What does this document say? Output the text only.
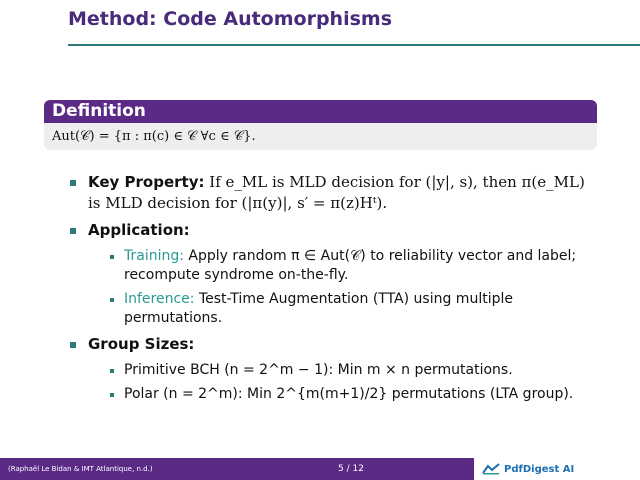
Method: Code Automorphisms
Definition
Aut(𝒞) = {π : π(c) ∈ 𝒞 ∀c ∈ 𝒞}.
Key Property: If e_ML is MLD decision for (|y|, s), then π(e_ML) is MLD decision for (|π(y)|, s′ = π(z)Hᵗ).
Application:
Training: Apply random π ∈ Aut(𝒞) to reliability vector and label; recompute syndrome on-the-fly.
Inference: Test-Time Augmentation (TTA) using multiple permutations.
Group Sizes:
Primitive BCH (n = 2^m − 1): Min m × n permutations.
Polar (n = 2^m): Min 2^{m(m+1)/2} permutations (LTA group).
(Raphaël Le Bidan & IMT Atlantique, n.d.)	5 / 12	PdfDigest AI
